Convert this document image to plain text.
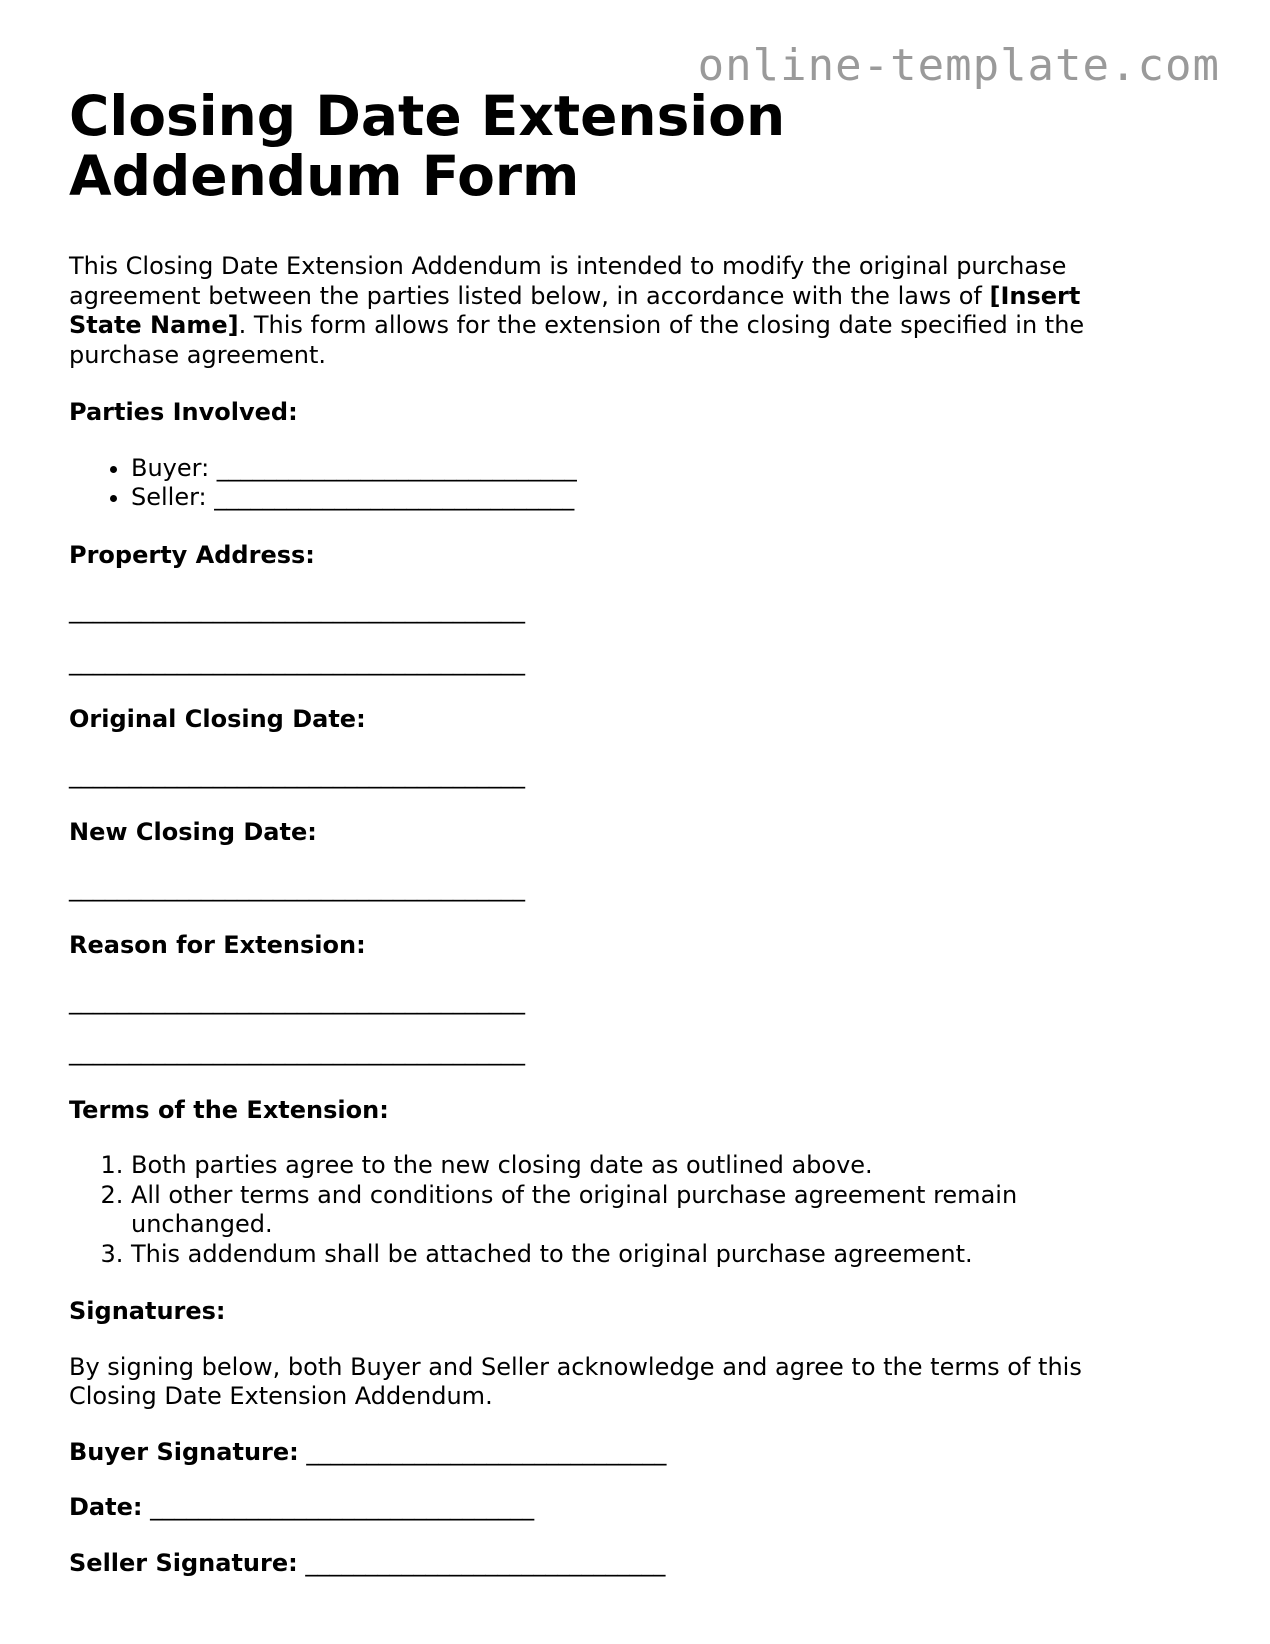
online-template.com
Closing Date Extension Addendum Form

This Closing Date Extension Addendum is intended to modify the original purchase agreement between the parties listed below, in accordance with the laws of [Insert State Name]. This form allows for the extension of the closing date specified in the purchase agreement.

Parties Involved:
• Buyer: ______________________________
• Seller: ______________________________
Property Address:
______________________________________
______________________________________
Original Closing Date:
______________________________________
New Closing Date:
______________________________________
Reason for Extension:
______________________________________
______________________________________
Terms of the Extension:
1. Both parties agree to the new closing date as outlined above.
2. All other terms and conditions of the original purchase agreement remain unchanged.
3. This addendum shall be attached to the original purchase agreement.
Signatures:

By signing below, both Buyer and Seller acknowledge and agree to the terms of this Closing Date Extension Addendum.

Buyer Signature: ______________________________
Date: ________________________________
Seller Signature: ______________________________
